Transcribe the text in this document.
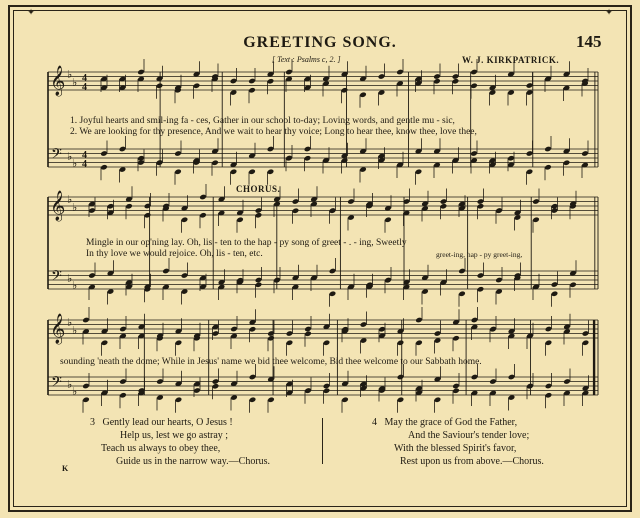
✦	✦
GREETING SONG.	145
[ Text : Psalms c, 2. ]	W. J. KIRKPATRICK.
𝄞
𝄢
♭
♭
♭
♭
𝄞
𝄢
♭
♭
♭
♭
𝄞
𝄢
♭
♭
♭
♭
4
4
4
4
1. Joyful hearts and smil-ing fa - ces, Gather in our school to-day; Loving words, and gentle mu - sic,
2. We are looking for thy presence, And we wait to hear thy voice; Long to hear thee, know thee, love thee,
CHORUS.
Mingle in our op'ning lay. Oh, lis - ten to the hap - py song of greet - . - ing, Sweetly
In thy love we would rejoice. Oh, lis - ten, etc.	greet-ing, hap - py greet-ing,
sounding 'neath the dome; While in Jesus' name we bid thee welcome, Bid thee welcome to our Sabbath home.
3 Gently lead our hearts, O Jesus !
Help us, lest we go astray ;
Teach us always to obey thee,
Guide us in the narrow way.—Chorus.
4 May the grace of God the Father,
And the Saviour's tender love;
With the blessed Spirit's favor,
Rest upon us from above.—Chorus.
K
